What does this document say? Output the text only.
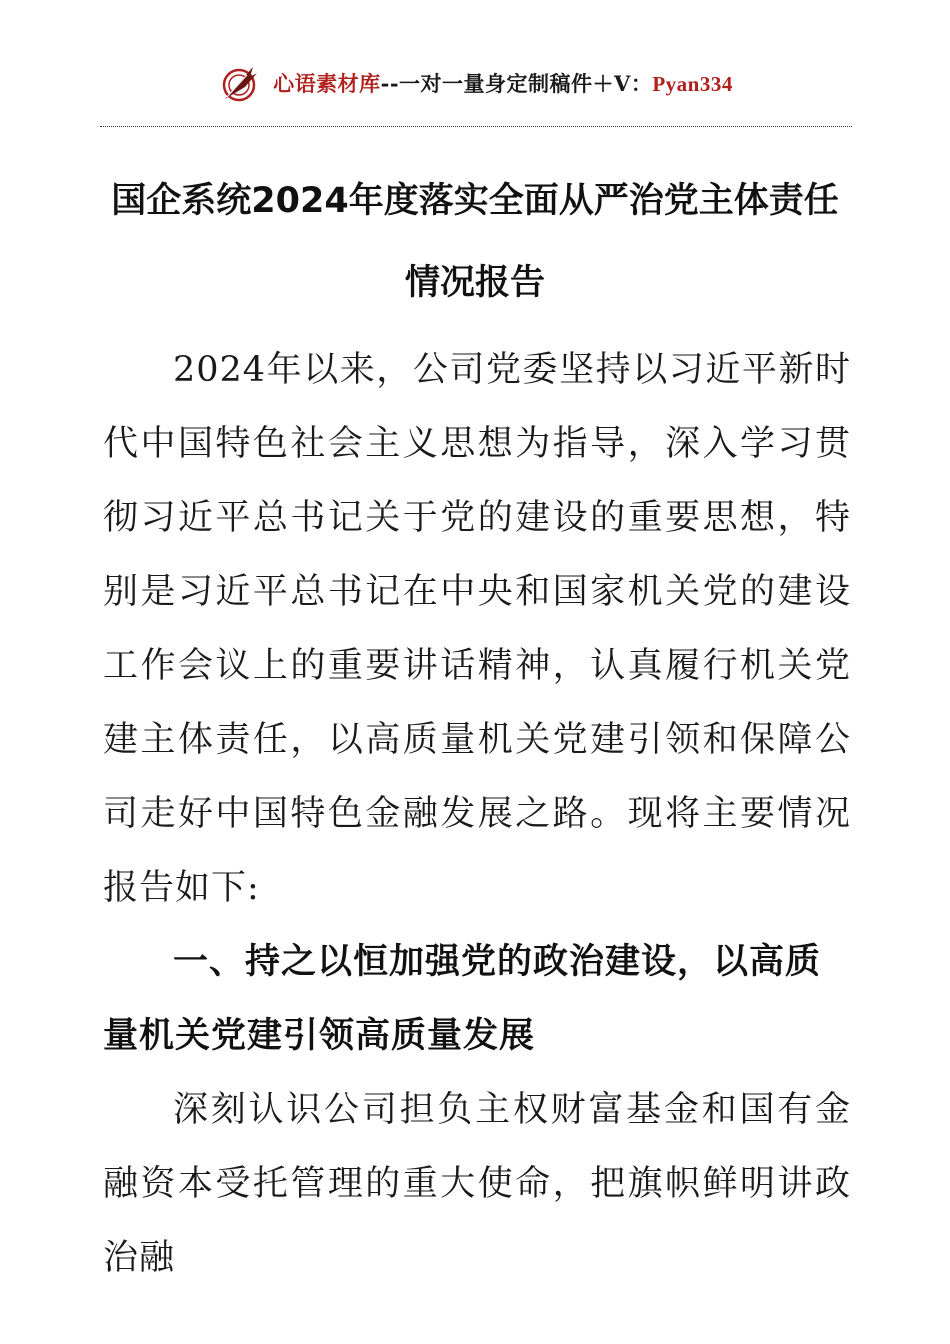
心语素材库--一对一量身定制稿件＋V：Pyan334
国企系统2024年度落实全面从严治党主体责任
情况报告

2024年以来，公司党委坚持以习近平新时代中国特色社会主义思想为指导，深入学习贯彻习近平总书记关于党的建设的重要思想，特别是习近平总书记在中央和国家机关党的建设工作会议上的重要讲话精神，认真履行机关党建主体责任，以高质量机关党建引领和保障公司走好中国特色金融发展之路。现将主要情况报告如下:

一、持之以恒加强党的政治建设，以高质量机关党建引领高质量发展

深刻认识公司担负主权财富基金和国有金融资本受托管理的重大使命，把旗帜鲜明讲政治融
